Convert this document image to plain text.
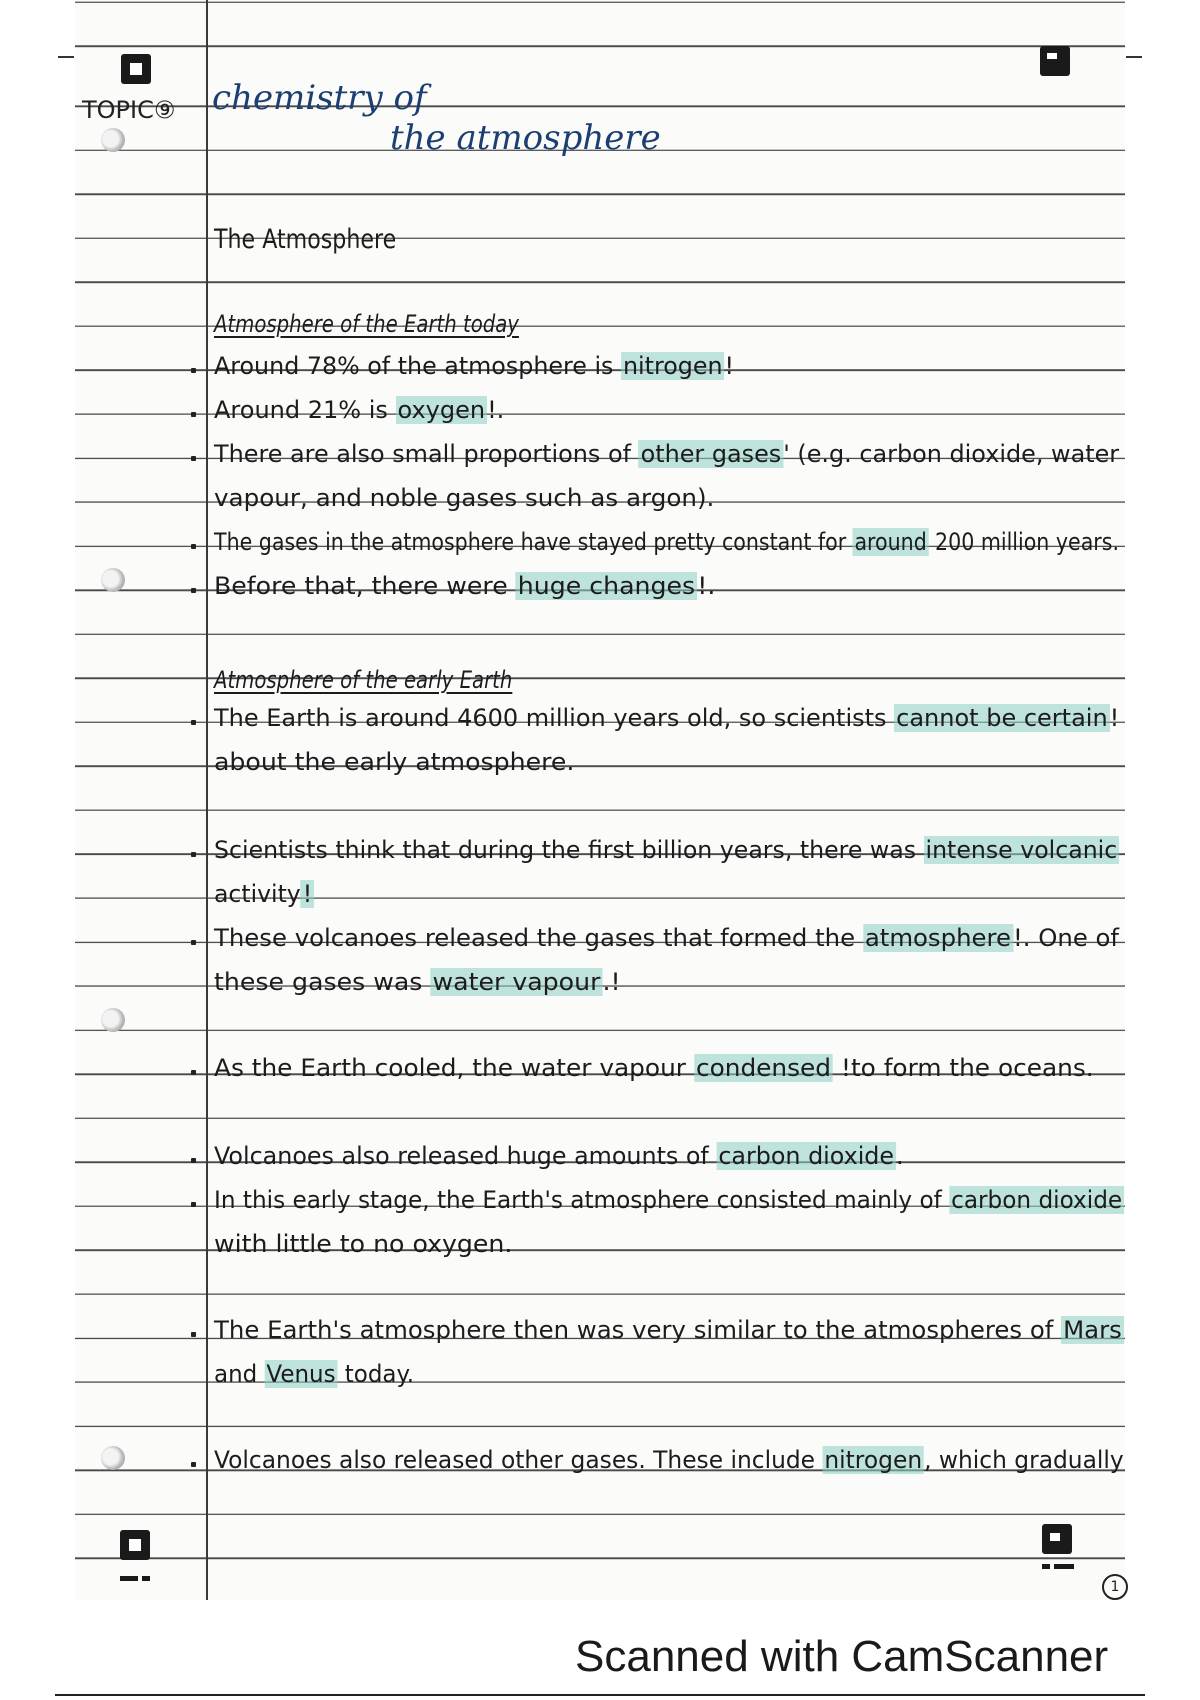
TOPIC⑨ chemistry of
the atmosphere
The Atmosphere
Atmosphere of the Earth today
Around 78% of the atmosphere is nitrogen!
Around 21% is oxygen!.
There are also small proportions of other gases' (e.g. carbon dioxide, water
vapour, and noble gases such as argon).
The gases in the atmosphere have stayed pretty constant for around 200 million years.
Before that, there were huge changes!.
Atmosphere of the early Earth
The Earth is around 4600 million years old, so scientists cannot be certain!
about the early atmosphere.
Scientists think that during the first billion years, there was intense volcanic
activity!
These volcanoes released the gases that formed the atmosphere!. One of
these gases was water vapour.!
As the Earth cooled, the water vapour condensed !to form the oceans.
Volcanoes also released huge amounts of carbon dioxide.
In this early stage, the Earth's atmosphere consisted mainly of carbon dioxide
with little to no oxygen.
The Earth's atmosphere then was very similar to the atmospheres of Mars
and Venus today.
Volcanoes also released other gases. These include nitrogen, which gradually
1
Scanned with CamScanner
